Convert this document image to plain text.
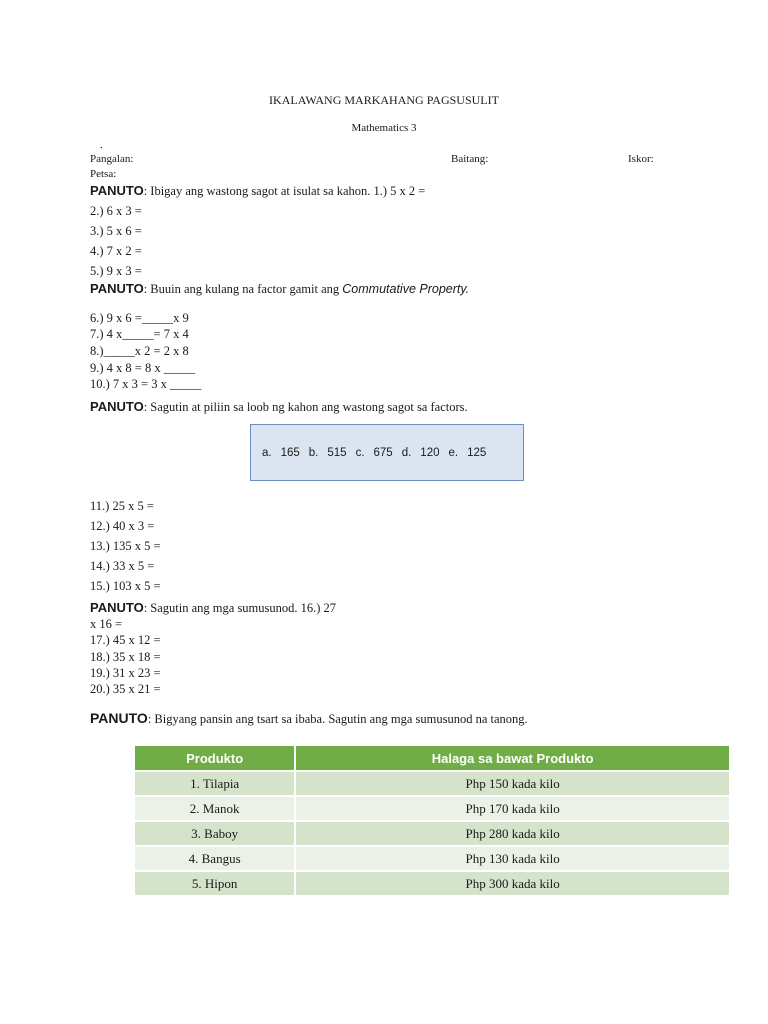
IKALAWANG MARKAHANG PAGSUSULIT
Mathematics 3
.
Pangalan:	Baitang:	Iskor:
Petsa:
PANUTO: Ibigay ang wastong sagot at isulat sa kahon. 1.) 5 x 2 =
2.) 6 x 3 =
3.) 5 x 6 =
4.) 7 x 2 =
5.) 9 x 3 =
PANUTO: Buuin ang kulang na factor gamit ang Commutative Property.
6.) 9 x 6 =_____x 9
7.) 4 x_____= 7 x 4
8.)_____x 2 = 2 x 8
9.) 4 x 8 = 8 x _____
10.) 7 x 3 = 3 x _____
PANUTO: Sagutin at piliin sa loob ng kahon ang wastong sagot sa factors.
a. 165 b. 515 c. 675 d. 120 e. 125
11.) 25 x 5 =
12.) 40 x 3 =
13.) 135 x 5 =
14.) 33 x 5 =
15.) 103 x 5 =
PANUTO: Sagutin ang mga sumusunod. 16.) 27
x 16 =
17.) 45 x 12 =
18.) 35 x 18 =
19.) 31 x 23 =
20.) 35 x 21 =
PANUTO: Bigyang pansin ang tsart sa ibaba. Sagutin ang mga sumusunod na tanong.
Produkto	Halaga sa bawat Produkto
1. Tilapia	Php 150 kada kilo
2. Manok	Php 170 kada kilo
3. Baboy	Php 280 kada kilo
4. Bangus	Php 130 kada kilo
5. Hipon	Php 300 kada kilo
